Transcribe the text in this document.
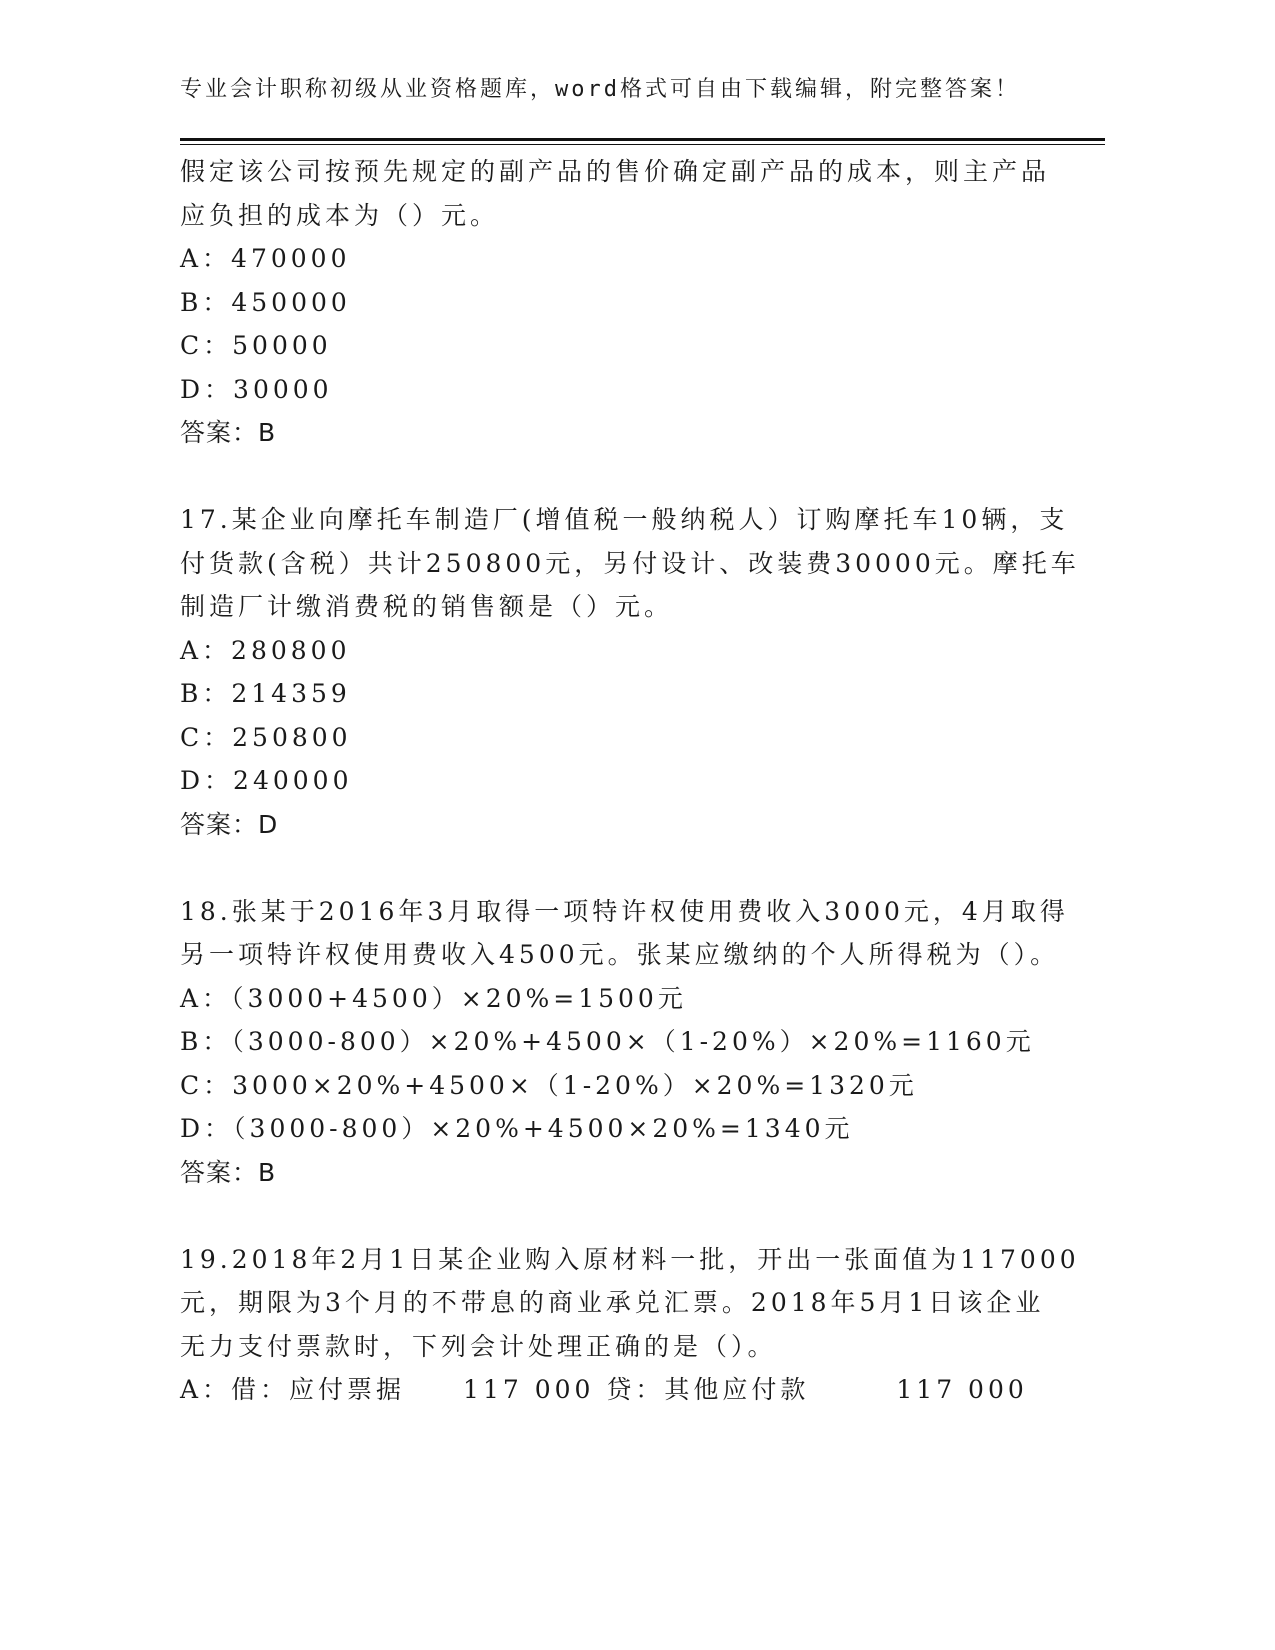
专业会计职称初级从业资格题库，word格式可自由下载编辑，附完整答案！
假定该公司按预先规定的副产品的售价确定副产品的成本，则主产品
应负担的成本为（）元。
A：470000
B：450000
C：50000
D：30000
答案：B
17.某企业向摩托车制造厂(增值税一般纳税人）订购摩托车10辆，支
付货款(含税）共计250800元，另付设计、改装费30000元。摩托车
制造厂计缴消费税的销售额是（）元。
A：280800
B：214359
C：250800
D：240000
答案：D
18.张某于2016年3月取得一项特许权使用费收入3000元，4月取得
另一项特许权使用费收入4500元。张某应缴纳的个人所得税为（）。
A：（3000+4500）×20%=1500元
B：（3000-800）×20%+4500×（1-20%）×20%=1160元
C：3000×20%+4500×（1-20%）×20%=1320元
D：（3000-800）×20%+4500×20%=1340元
答案：B
19.2018年2月1日某企业购入原材料一批，开出一张面值为117000
元，期限为3个月的不带息的商业承兑汇票。2018年5月1日该企业
无力支付票款时，下列会计处理正确的是（）。
A：借：应付票据　　117 000 贷：其他应付款　　　117 000
